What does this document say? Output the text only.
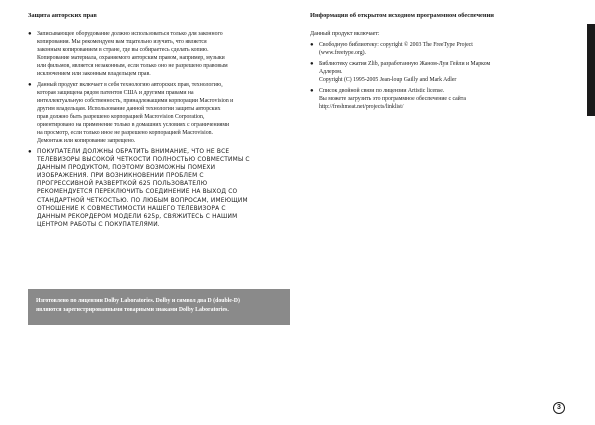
Защита авторских прав
● Записывающее оборудование должно использоваться только для законного
копирования. Мы рекомендуем вам тщательно изучить, что является
законным копированием в стране, где вы собираетесь сделать копию.
Копирование материала, охраняемого авторским правом, например, музыки
или фильмов, является незаконным, если только оно не разрешено правовым
исключением или законным владельцем прав.
● Данный продукт включает в себя технологию авторских прав, технологию,
которая защищена рядом патентов США и другими правами на
интеллектуальную собственность, принадлежащими корпорации Macrovision и
другим владельцам. Использование данной технологии защиты авторских
прав должно быть разрешено корпорацией Macrovision Corporation,
ориентировано на применение только в домашних условиях с ограничениями
на просмотр, если только иное не разрешено корпорацией Macrovision.
Демонтаж или копирование запрещено.
● ПОКУПАТЕЛИ ДОЛЖНЫ ОБРАТИТЬ ВНИМАНИЕ, ЧТО НЕ ВСЕ
ТЕЛЕВИЗОРЫ ВЫСОКОЙ ЧЕТКОСТИ ПОЛНОСТЬЮ СОВМЕСТИМЫ С
ДАННЫМ ПРОДУКТОМ, ПОЭТОМУ ВОЗМОЖНЫ ПОМЕХИ
ИЗОБРАЖЕНИЯ. ПРИ ВОЗНИКНОВЕНИИ ПРОБЛЕМ С
ПРОГРЕССИВНОЙ РАЗВЕРТКОЙ 625 ПОЛЬЗОВАТЕЛЮ
РЕКОМЕНДУЕТСЯ ПЕРЕКЛЮЧИТЬ СОЕДИНЕНИЕ НА ВЫХОД СО
СТАНДАРТНОЙ ЧЕТКОСТЬЮ. ПО ЛЮБЫМ ВОПРОСАМ, ИМЕЮЩИМ
ОТНОШЕНИЕ К СОВМЕСТИМОСТИ НАШЕГО ТЕЛЕВИЗОРА С
ДАННЫМ РЕКОРДЕРОМ МОДЕЛИ 625p, СВЯЖИТЕСЬ С НАШИМ
ЦЕНТРОМ РАБОТЫ С ПОКУПАТЕЛЯМИ.
Информация об открытом исходном программном обеспечении
Данный продукт включает:
● Свободную библиотеку: copyright © 2003 The FreeType Project
(www.freetype.org).
● Библиотеку сжатия Zlib, разработанную Жаном-Луи Гейли и Марком
Адлером.
Copyright (C) 1995-2005 Jean-loup Gailly and Mark Adler
● Список двойной связи по лицензии Artistic license.
Вы можете загрузить это программное обеспечение с сайта
http://freshmeat.net/projects/linklist/
Изготовлено по лицензии Dolby Laboratories. Dolby и символ два D (double-D)
являются зарегистрированными товарными знаками Dolby Laboratories.
3
